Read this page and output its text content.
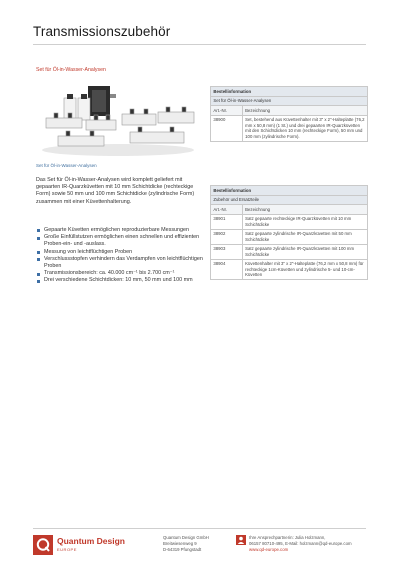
Transmissionszubehör
Set für Öl-in-Wasser-Analysen
Set für Öl-in-Wasser-Analysen

Das Set für Öl-in-Wasser-Analysen wird komplett geliefert mit gepaarten IR-Quarzküvetten mit 10 mm Schichtdicke (rechteckige Form) sowie 50 mm und 100 mm Schichtdicke (zylindrische Form) zusammen mit einer Küvettenhalterung.

Gepaarte Küvetten ermöglichen reproduzierbare Messungen
Große Einfüllstutzen ermöglichen einen schnellen und effizienten Proben-ein- und -auslass.
Messung von leichtflüchtigen Proben
Verschlussstopfen verhindern das Verdampfen von leichtflüchtigen Proben
Transmissionsbereich: ca. 40.000 cm⁻¹ bis 2.700 cm⁻¹
Drei verschiedene Schichtdicken: 10 mm, 50 mm und 100 mm
Bestellinformation	
Set für Öl-in-Wasser-Analysen	
Art.-Nr.	Bezeichnung
38900	Set, bestehend aus Küvettenhalter mit 3" x 2"-Halteplatte (76,2 mm x 50,8 mm) (1 St.) und drei gepaarten IR-Quarzküvetten mit den Schichtdicken 10 mm (rechteckige Form), 50 mm und 100 mm (zylindrische Form).
Bestellinformation	
Zubehör und Ersatzteile	
Art.-Nr.	Bezeichnung
38901	Satz gepaarte rechteckige IR-Quarzküvetten mit 10 mm Schichtdicke
38902	Satz gepaarte zylindrische IR-Quarzküvetten mit 50 mm Schichtdicke
38903	Satz gepaarte zylindrische IR-Quarzküvetten mit 100 mm Schichtdicke
38904	Küvettenhalter mit 3" x 2"-Halteplatte (76,2 mm x 50,8 mm) für rechteckige 1cm-Küvetten und zylindrische 5- und 10-cm-Küvetten
Quantum Design
EUROPE
Quantum Design GmbH
Breitwiesenweg 9
D-64319 Pfungstadt
Ihre Ansprechpartnerin: Julia Holzmann,
06157 80710-495, E-Mail: holzmann@qd-europe.com
www.qd-europe.com
